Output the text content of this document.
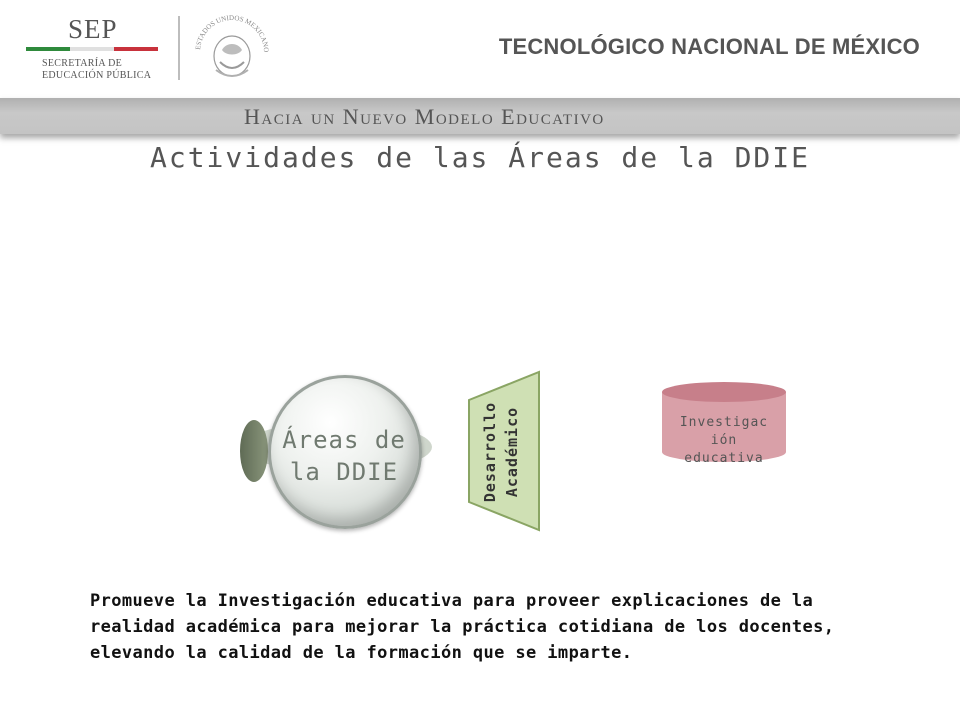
SEP
SECRETARÍA DE
EDUCACIÓN PÚBLICA
ESTADOS UNIDOS MEXICANO	TECNOLÓGICO NACIONAL DE MÉXICO
Hacia un Nuevo Modelo Educativo
Actividades de las Áreas de la DDIE
Áreas de
la DDIE	Desarrollo Académico	Investigac
ión
educativa
Promueve la Investigación educativa para proveer explicaciones de la realidad académica para mejorar la práctica cotidiana de los docentes, elevando la calidad de la formación que se imparte.
